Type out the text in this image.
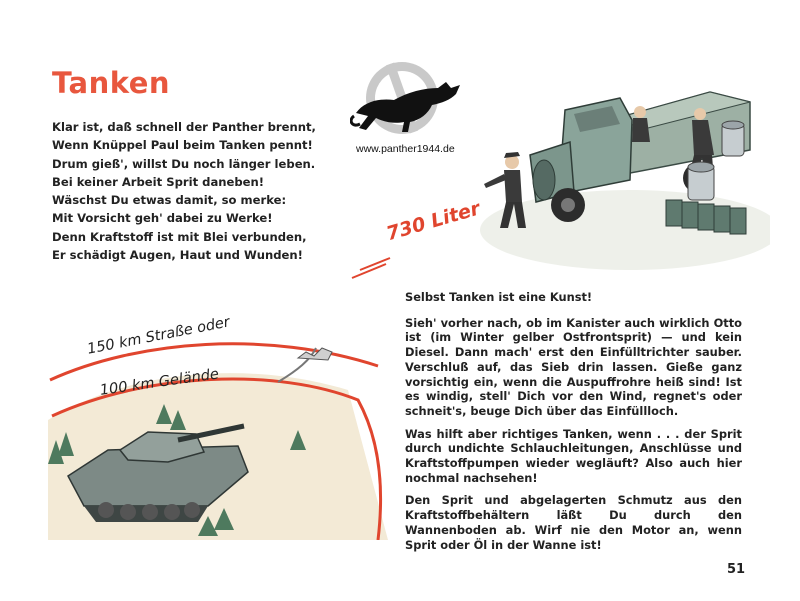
Tanken
Klar ist, daß schnell der Panther brennt,
Wenn Knüppel Paul beim Tanken pennt!
Drum gieß', willst Du noch länger leben.
Bei keiner Arbeit Sprit daneben!
Wäschst Du etwas damit, so merke:
Mit Vorsicht geh' dabei zu Werke!
Denn Kraftstoff ist mit Blei verbunden,
Er schädigt Augen, Haut und Wunden!
www.panther1944.de
730 Liter
150 km Straße oder
100 km Gelände

Selbst Tanken ist eine Kunst!

Sieh' vorher nach, ob im Kanister auch wirklich Otto ist (im Winter gelber Ostfrontsprit) — und kein Diesel. Dann mach' erst den Einfülltrichter sauber. Verschluß auf, das Sieb drin lassen. Gieße ganz vorsichtig ein, wenn die Auspuffrohre heiß sind! Ist es windig, stell' Dich vor den Wind, regnet's oder schneit's, beuge Dich über das Einfüllloch.

Was hilft aber richtiges Tanken, wenn . . . der Sprit durch undichte Schlauchleitungen, Anschlüsse und Kraftstoffpumpen wieder wegläuft? Also auch hier nochmal nachsehen!

Den Sprit und abgelagerten Schmutz aus den Kraftstoffbehältern läßt Du durch den Wannenboden ab. Wirf nie den Motor an, wenn Sprit oder Öl in der Wanne ist!

51
